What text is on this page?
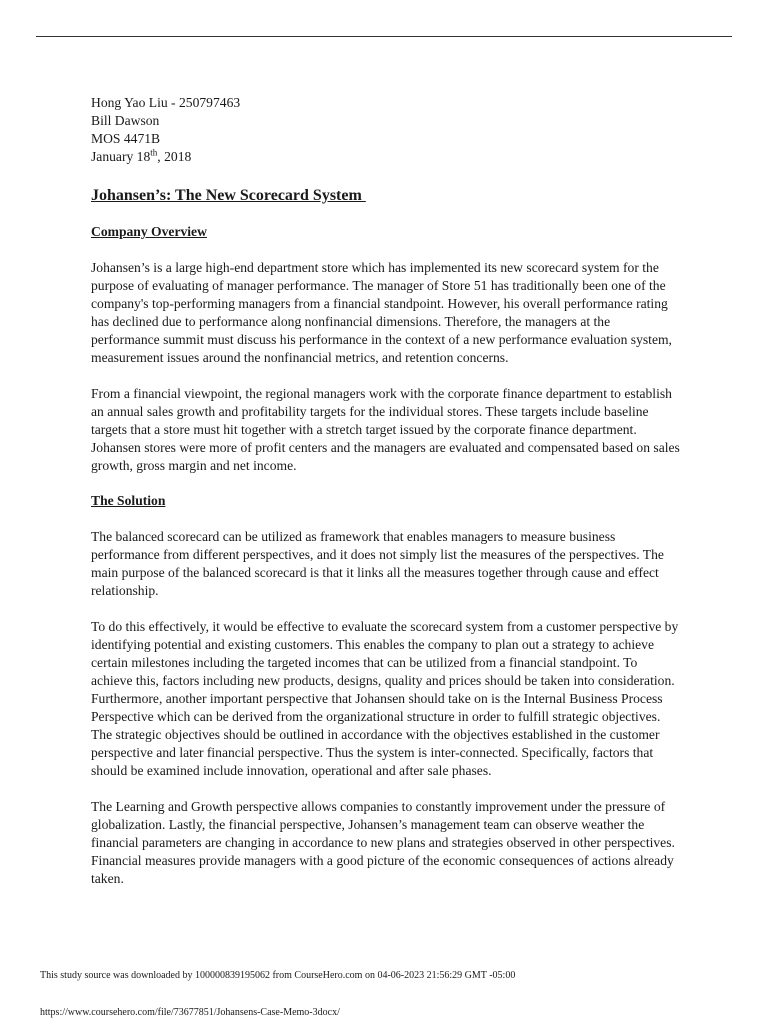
Hong Yao Liu - 250797463
Bill Dawson
MOS 4471B
January 18th, 2018
Johansen’s: The New Scorecard System
Company Overview

Johansen’s is a large high-end department store which has implemented its new scorecard system for the purpose of evaluating of manager performance. The manager of Store 51 has traditionally been one of the company's top-performing managers from a financial standpoint. However, his overall performance rating has declined due to performance along nonfinancial dimensions. Therefore, the managers at the performance summit must discuss his performance in the context of a new performance evaluation system, measurement issues around the nonfinancial metrics, and retention concerns.

From a financial viewpoint, the regional managers work with the corporate finance department to establish an annual sales growth and profitability targets for the individual stores. These targets include baseline targets that a store must hit together with a stretch target issued by the corporate finance department. Johansen stores were more of profit centers and the managers are evaluated and compensated based on sales growth, gross margin and net income.

The Solution

The balanced scorecard can be utilized as framework that enables managers to measure business performance from different perspectives, and it does not simply list the measures of the perspectives. The main purpose of the balanced scorecard is that it links all the measures together through cause and effect relationship.

To do this effectively, it would be effective to evaluate the scorecard system from a customer perspective by identifying potential and existing customers. This enables the company to plan out a strategy to achieve certain milestones including the targeted incomes that can be utilized from a financial standpoint. To achieve this, factors including new products, designs, quality and prices should be taken into consideration. Furthermore, another important perspective that Johansen should take on is the Internal Business Process Perspective which can be derived from the organizational structure in order to fulfill strategic objectives. The strategic objectives should be outlined in accordance with the objectives established in the customer perspective and later financial perspective. Thus the system is inter-connected. Specifically, factors that should be examined include innovation, operational and after sale phases.

The Learning and Growth perspective allows companies to constantly improvement under the pressure of globalization. Lastly, the financial perspective, Johansen’s management team can observe weather the financial parameters are changing in accordance to new plans and strategies observed in other perspectives. Financial measures provide managers with a good picture of the economic consequences of actions already taken.

This study source was downloaded by 100000839195062 from CourseHero.com on 04-06-2023 21:56:29 GMT -05:00
https://www.coursehero.com/file/73677851/Johansens-Case-Memo-3docx/
